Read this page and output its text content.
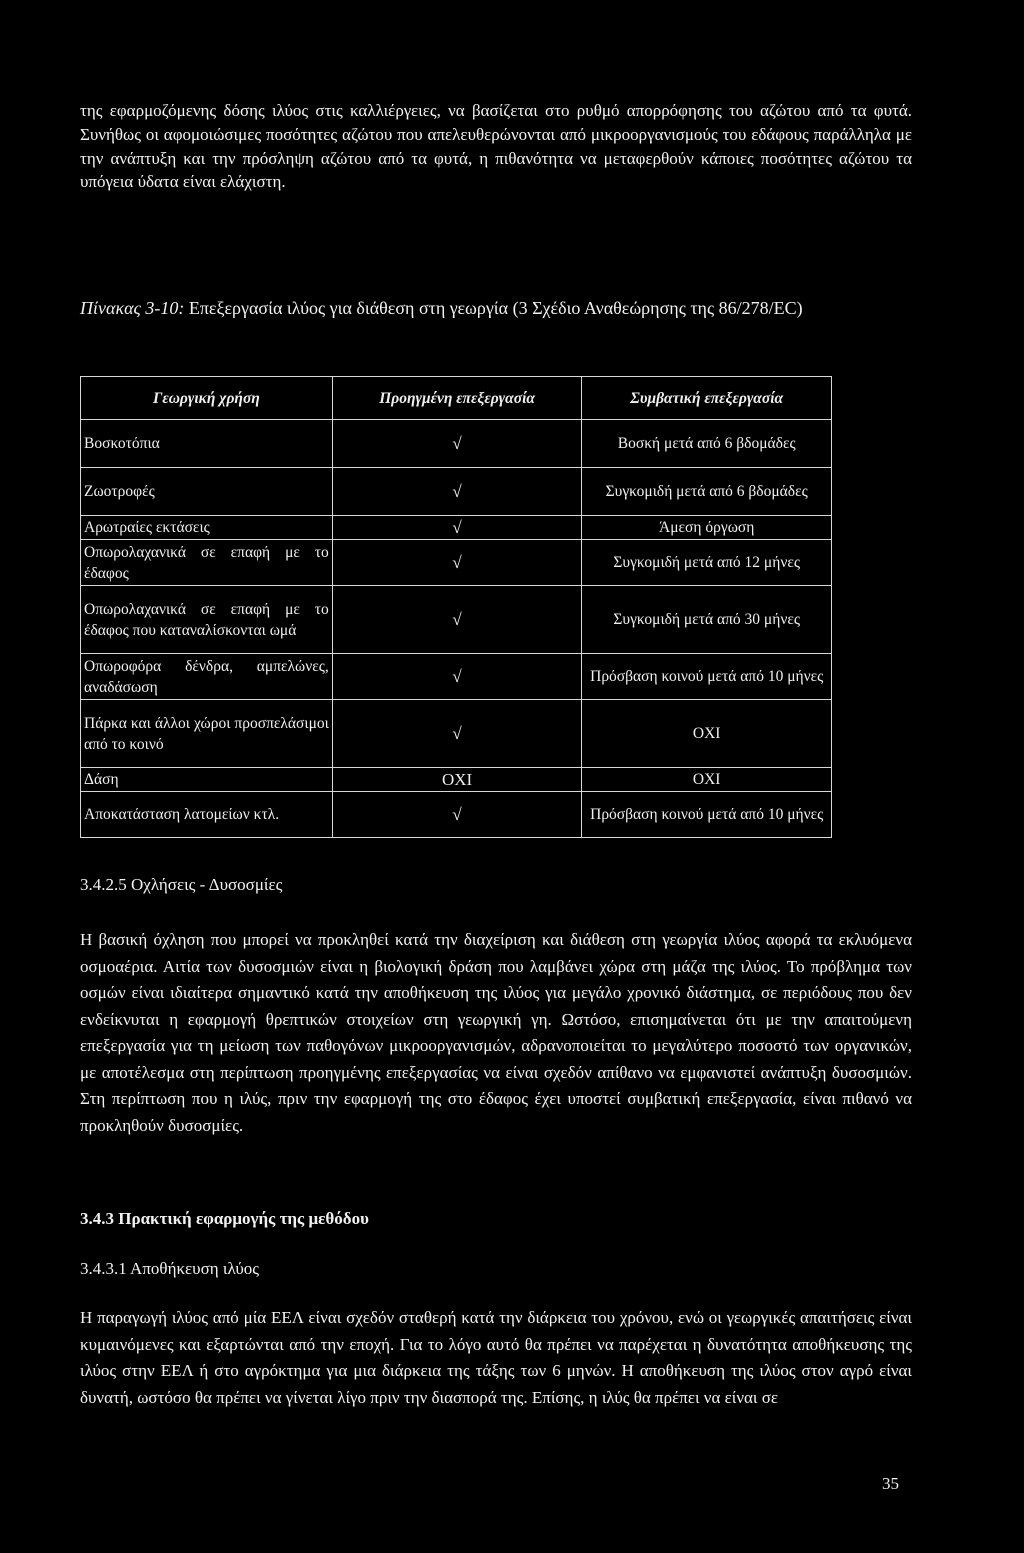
της εφαρμοζόμενης δόσης ιλύος στις καλλιέργειες, να βασίζεται στο ρυθμό απορρόφησης του αζώτου από τα φυτά. Συνήθως οι αφομοιώσιμες ποσότητες αζώτου που απελευθερώνονται από μικροοργανισμούς του εδάφους παράλληλα με την ανάπτυξη και την πρόσληψη αζώτου από τα φυτά, η πιθανότητα να μεταφερθούν κάποιες ποσότητες αζώτου τα υπόγεια ύδατα είναι ελάχιστη.

Πίνακας 3-10: Επεξεργασία ιλύος για διάθεση στη γεωργία (3 Σχέδιο Αναθεώρησης της 86/278/ΕC)
Γεωργική χρήση	Προηγμένη επεξεργασία	Συμβατική επεξεργασία
Βοσκοτόπια	√	Βοσκή μετά από 6 βδομάδες
Ζωοτροφές	√	Συγκομιδή μετά από 6 βδομάδες
Αρωτραίες εκτάσεις	√	Άμεση όργωση
Οπωρολαχανικά σε επαφή με το έδαφος	√	Συγκομιδή μετά από 12 μήνες
Οπωρολαχανικά σε επαφή με το έδαφος που καταναλίσκονται ωμά	√	Συγκομιδή μετά από 30 μήνες
Οπωροφόρα δένδρα, αμπελώνες, αναδάσωση	√	Πρόσβαση κοινού μετά από 10 μήνες
Πάρκα και άλλοι χώροι προσπελάσιμοι από το κοινό	√	ΟΧΙ
Δάση	ΟΧΙ	ΟΧΙ
Αποκατάσταση λατομείων κτλ.	√	Πρόσβαση κοινού μετά από 10 μήνες
3.4.2.5 Οχλήσεις - Δυσοσμίες

Η βασική όχληση που μπορεί να προκληθεί κατά την διαχείριση και διάθεση στη γεωργία ιλύος αφορά τα εκλυόμενα οσμοαέρια. Αιτία των δυσοσμιών είναι η βιολογική δράση που λαμβάνει χώρα στη μάζα της ιλύος. Το πρόβλημα των οσμών είναι ιδιαίτερα σημαντικό κατά την αποθήκευση της ιλύος για μεγάλο χρονικό διάστημα, σε περιόδους που δεν ενδείκνυται η εφαρμογή θρεπτικών στοιχείων στη γεωργική γη. Ωστόσο, επισημαίνεται ότι με την απαιτούμενη επεξεργασία για τη μείωση των παθογόνων μικροοργανισμών, αδρανοποιείται το μεγαλύτερο ποσοστό των οργανικών, με αποτέλεσμα στη περίπτωση προηγμένης επεξεργασίας να είναι σχεδόν απίθανο να εμφανιστεί ανάπτυξη δυσοσμιών. Στη περίπτωση που η ιλύς, πριν την εφαρμογή της στο έδαφος έχει υποστεί συμβατική επεξεργασία, είναι πιθανό να προκληθούν δυσοσμίες.

3.4.3 Πρακτική εφαρμογής της μεθόδου
3.4.3.1 Αποθήκευση ιλύος

Η παραγωγή ιλύος από μία ΕΕΛ είναι σχεδόν σταθερή κατά την διάρκεια του χρόνου, ενώ οι γεωργικές απαιτήσεις είναι κυμαινόμενες και εξαρτώνται από την εποχή. Για το λόγο αυτό θα πρέπει να παρέχεται η δυνατότητα αποθήκευσης της ιλύος στην ΕΕΛ ή στο αγρόκτημα για μια διάρκεια της τάξης των 6 μηνών. Η αποθήκευση της ιλύος στον αγρό είναι δυνατή, ωστόσο θα πρέπει να γίνεται λίγο πριν την διασπορά της. Επίσης, η ιλύς θα πρέπει να είναι σε

35
